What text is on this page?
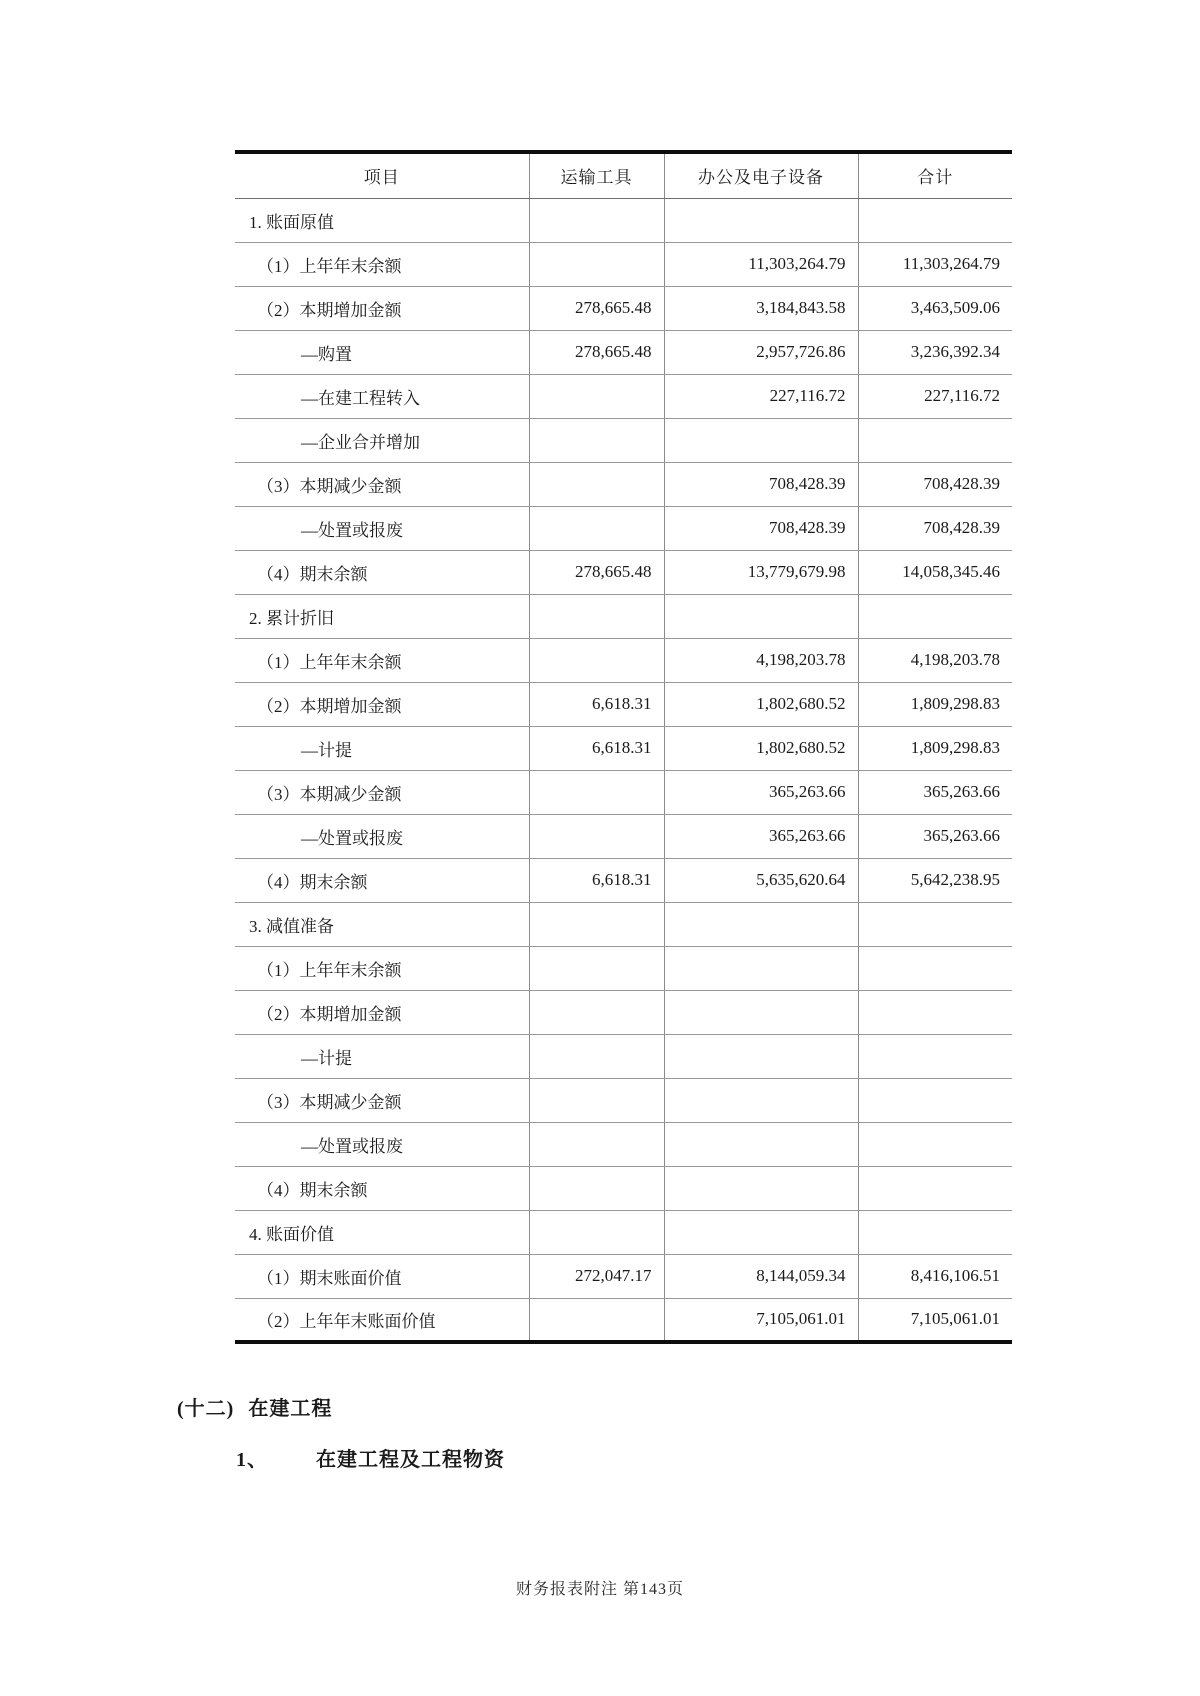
项目	运输工具	办公及电子设备	合计
1. 账面原值			
（1）上年年末余额		11,303,264.79	11,303,264.79
（2）本期增加金额	278,665.48	3,184,843.58	3,463,509.06
—购置	278,665.48	2,957,726.86	3,236,392.34
—在建工程转入		227,116.72	227,116.72
—企业合并增加			
（3）本期减少金额		708,428.39	708,428.39
—处置或报废		708,428.39	708,428.39
（4）期末余额	278,665.48	13,779,679.98	14,058,345.46
2. 累计折旧			
（1）上年年末余额		4,198,203.78	4,198,203.78
（2）本期增加金额	6,618.31	1,802,680.52	1,809,298.83
—计提	6,618.31	1,802,680.52	1,809,298.83
（3）本期减少金额		365,263.66	365,263.66
—处置或报废		365,263.66	365,263.66
（4）期末余额	6,618.31	5,635,620.64	5,642,238.95
3. 减值准备			
（1）上年年末余额			
（2）本期增加金额			
—计提			
（3）本期减少金额			
—处置或报废			
（4）期末余额			
4. 账面价值			
（1）期末账面价值	272,047.17	8,144,059.34	8,416,106.51
（2）上年年末账面价值		7,105,061.01	7,105,061.01
(十二) 在建工程
1、 在建工程及工程物资
财务报表附注 第143页
